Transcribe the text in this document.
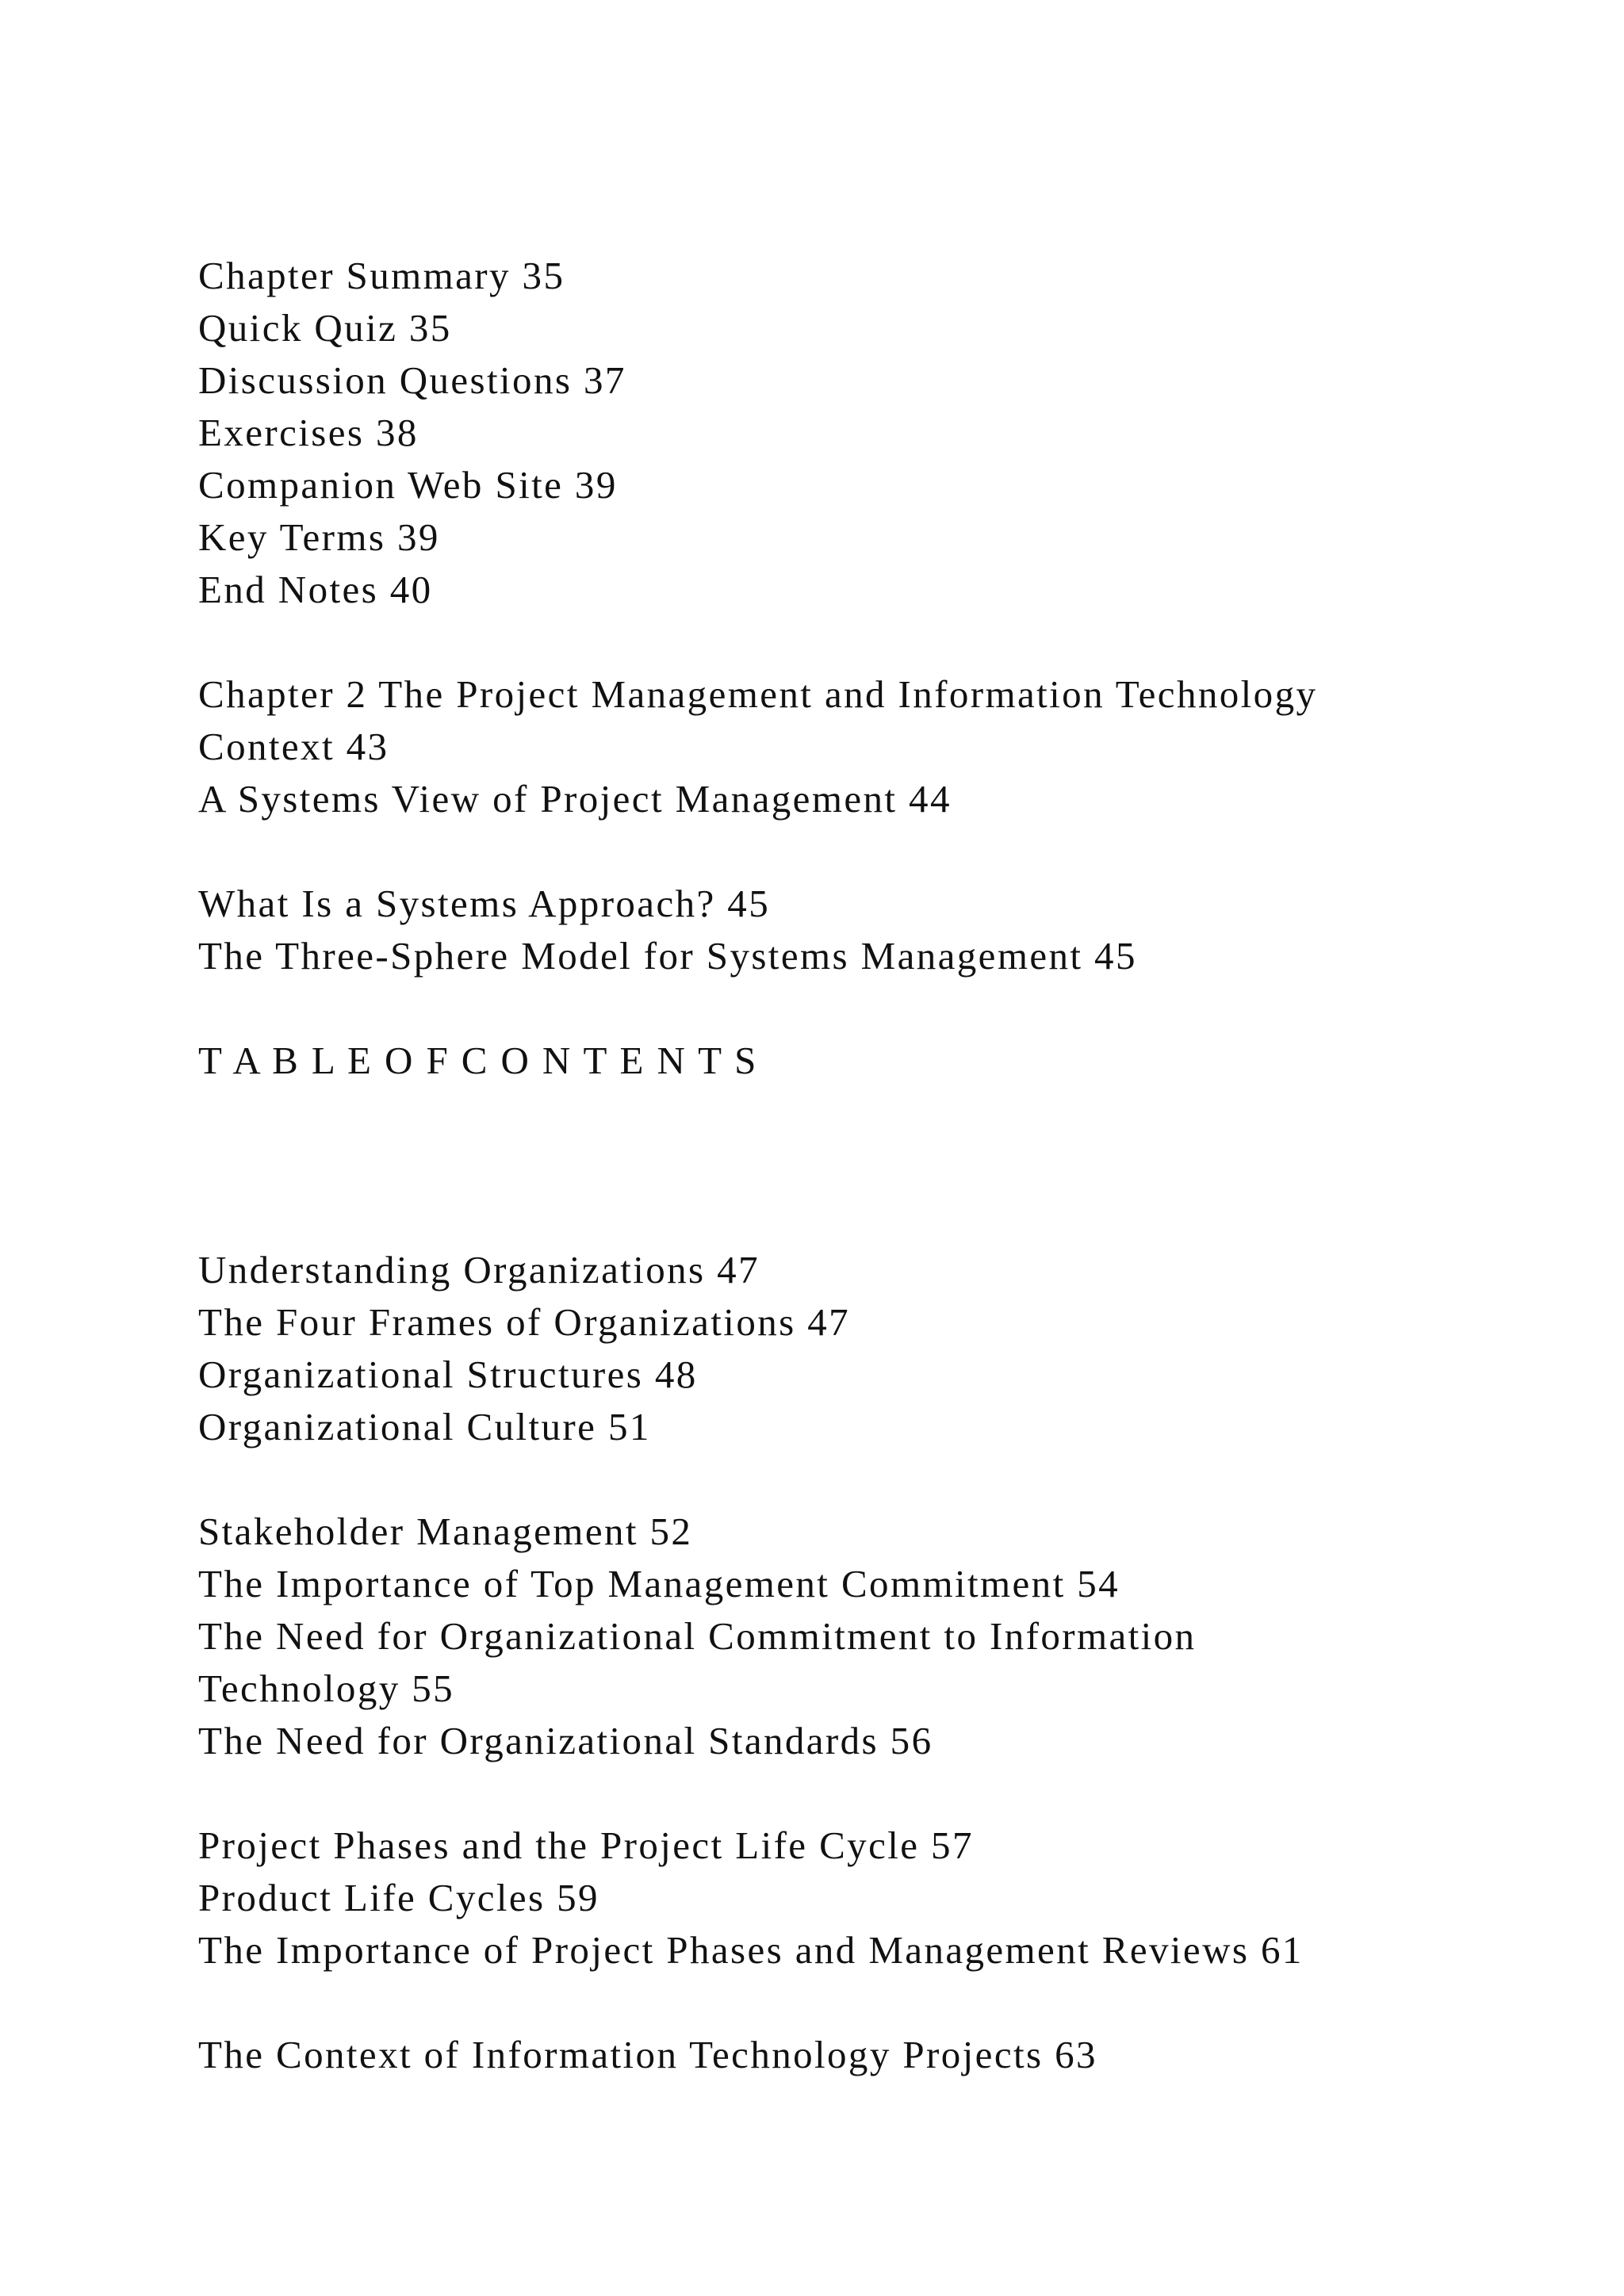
Chapter Summary 35

Quick Quiz 35

Discussion Questions 37

Exercises 38

Companion Web Site 39

Key Terms 39

End Notes 40

Chapter 2 The Project Management and Information Technology

Context 43

A Systems View of Project Management 44

What Is a Systems Approach? 45

The Three-Sphere Model for Systems Management 45

T A B L E O F C O N T E N T S

Understanding Organizations 47

The Four Frames of Organizations 47

Organizational Structures 48

Organizational Culture 51

Stakeholder Management 52

The Importance of Top Management Commitment 54

The Need for Organizational Commitment to Information

Technology 55

The Need for Organizational Standards 56

Project Phases and the Project Life Cycle 57

Product Life Cycles 59

The Importance of Project Phases and Management Reviews 61

The Context of Information Technology Projects 63
